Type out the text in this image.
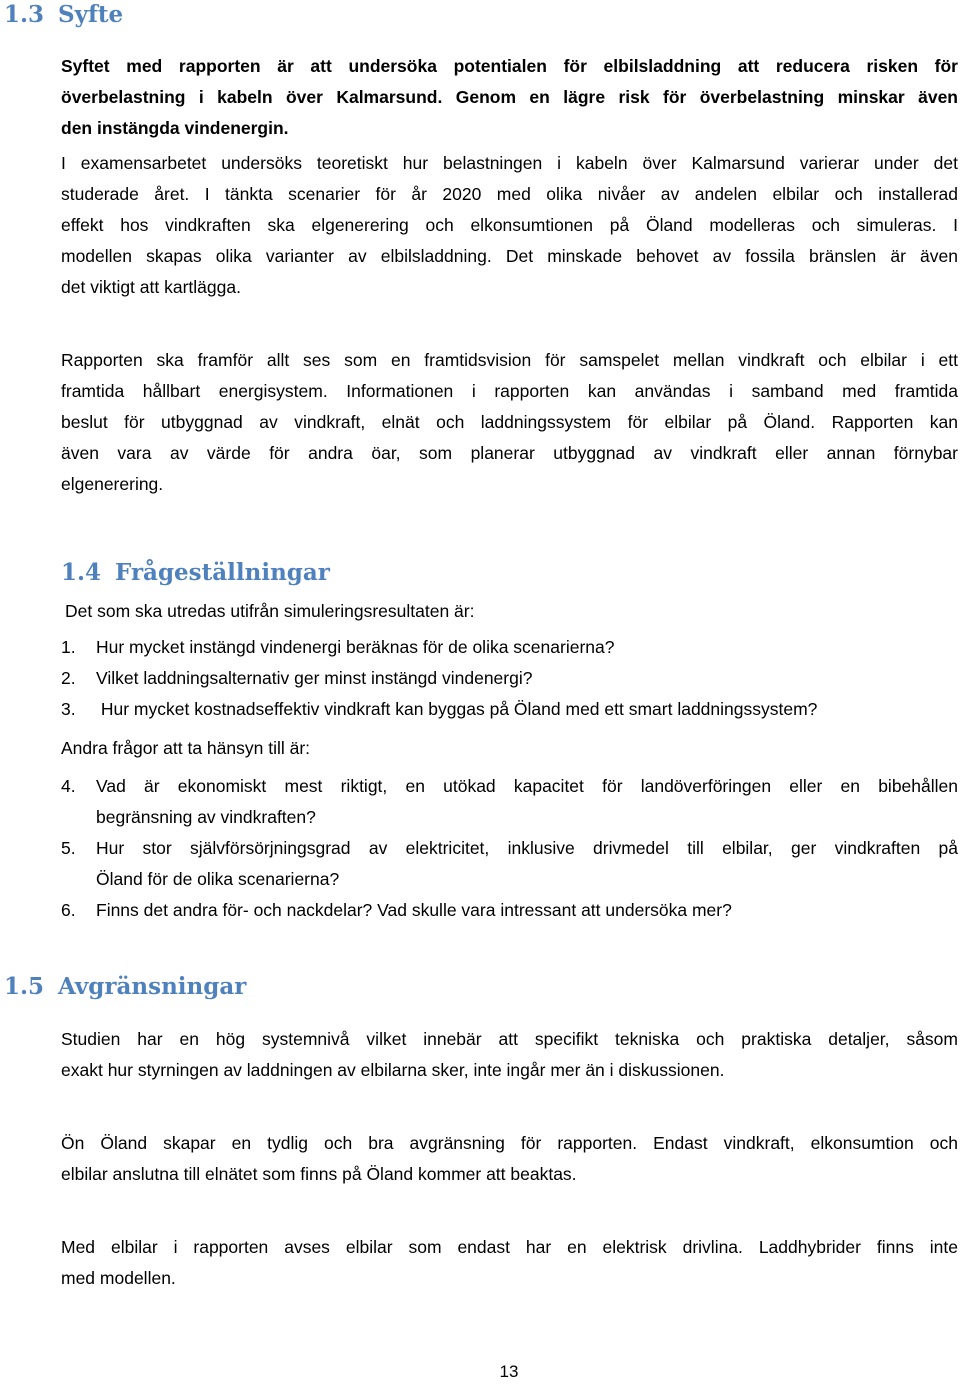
1.3 Syfte
Syftet med rapporten är att undersöka potentialen för elbilsladdning att reducera risken för
överbelastning i kabeln över Kalmarsund. Genom en lägre risk för överbelastning minskar även
den instängda vindenergin.
I examensarbetet undersöks teoretiskt hur belastningen i kabeln över Kalmarsund varierar under det
studerade året. I tänkta scenarier för år 2020 med olika nivåer av andelen elbilar och installerad
effekt hos vindkraften ska elgenerering och elkonsumtionen på Öland modelleras och simuleras. I
modellen skapas olika varianter av elbilsladdning. Det minskade behovet av fossila bränslen är även
det viktigt att kartlägga.
Rapporten ska framför allt ses som en framtidsvision för samspelet mellan vindkraft och elbilar i ett
framtida hållbart energisystem. Informationen i rapporten kan användas i samband med framtida
beslut för utbyggnad av vindkraft, elnät och laddningssystem för elbilar på Öland. Rapporten kan
även vara av värde för andra öar, som planerar utbyggnad av vindkraft eller annan förnybar
elgenerering.
1.4 Frågeställningar
Det som ska utredas utifrån simuleringsresultaten är:
1. Hur mycket instängd vindenergi beräknas för de olika scenarierna?
2. Vilket laddningsalternativ ger minst instängd vindenergi?
3. Hur mycket kostnadseffektiv vindkraft kan byggas på Öland med ett smart laddningssystem?
Andra frågor att ta hänsyn till är:
4. Vad är ekonomiskt mest riktigt, en utökad kapacitet för landöverföringen eller en bibehållen
begränsning av vindkraften?
5. Hur stor självförsörjningsgrad av elektricitet, inklusive drivmedel till elbilar, ger vindkraften på
Öland för de olika scenarierna?
6. Finns det andra för- och nackdelar? Vad skulle vara intressant att undersöka mer?
1.5 Avgränsningar
Studien har en hög systemnivå vilket innebär att specifikt tekniska och praktiska detaljer, såsom
exakt hur styrningen av laddningen av elbilarna sker, inte ingår mer än i diskussionen.
Ön Öland skapar en tydlig och bra avgränsning för rapporten. Endast vindkraft, elkonsumtion och
elbilar anslutna till elnätet som finns på Öland kommer att beaktas.
Med elbilar i rapporten avses elbilar som endast har en elektrisk drivlina. Laddhybrider finns inte
med modellen.
13
